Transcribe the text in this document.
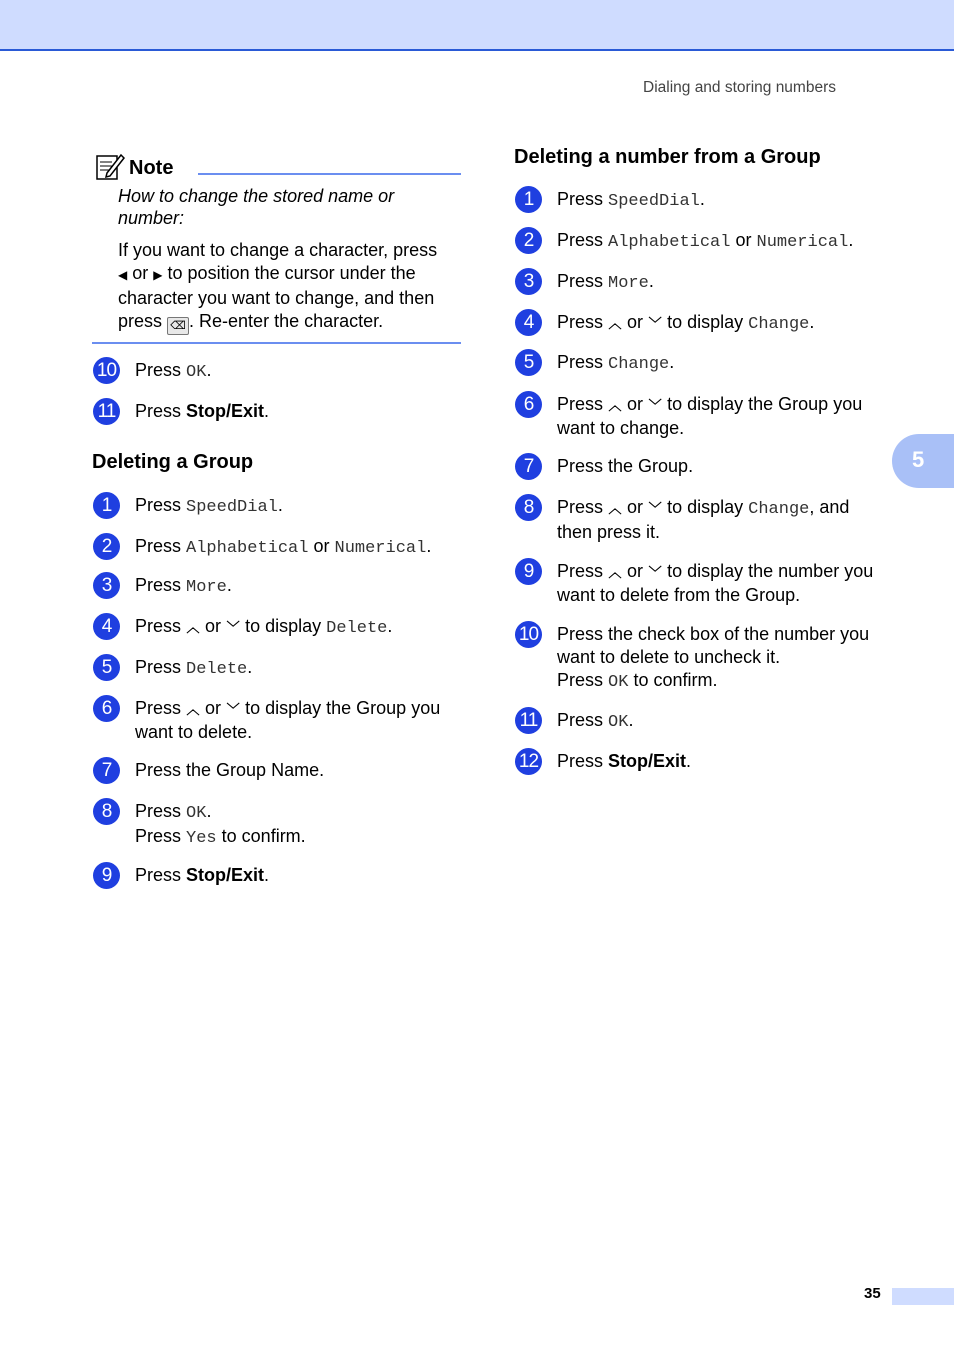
Dialing and storing numbers
5
Note
How to change the stored name or number:
If you want to change a character, press
◀ or ▶ to position the cursor under the
character you want to change, and then
press ⌫ . Re-enter the character.
10 Press OK.
11 Press Stop/Exit.
Deleting a Group
1	Press SpeedDial.
2	Press Alphabetical or Numerical.
3	Press More.
4	Press ︿ or ﹀ to display Delete.
5	Press Delete.
6	Press ︿ or ﹀ to display the Group you
want to delete.
7	Press the Group Name.
8	Press OK.
Press Yes to confirm.
9	Press Stop/Exit.
Deleting a number from a Group
1	Press SpeedDial.
2	Press Alphabetical or Numerical.
3	Press More.
4	Press ︿ or ﹀ to display Change.
5	Press Change.
6	Press ︿ or ﹀ to display the Group you
want to change.
7	Press the Group.
8	Press ︿ or ﹀ to display Change, and
then press it.
9	Press ︿ or ﹀ to display the number you
want to delete from the Group.
10 Press the check box of the number you
want to delete to uncheck it.
Press OK to confirm.
11 Press OK.
12 Press Stop/Exit.
35
